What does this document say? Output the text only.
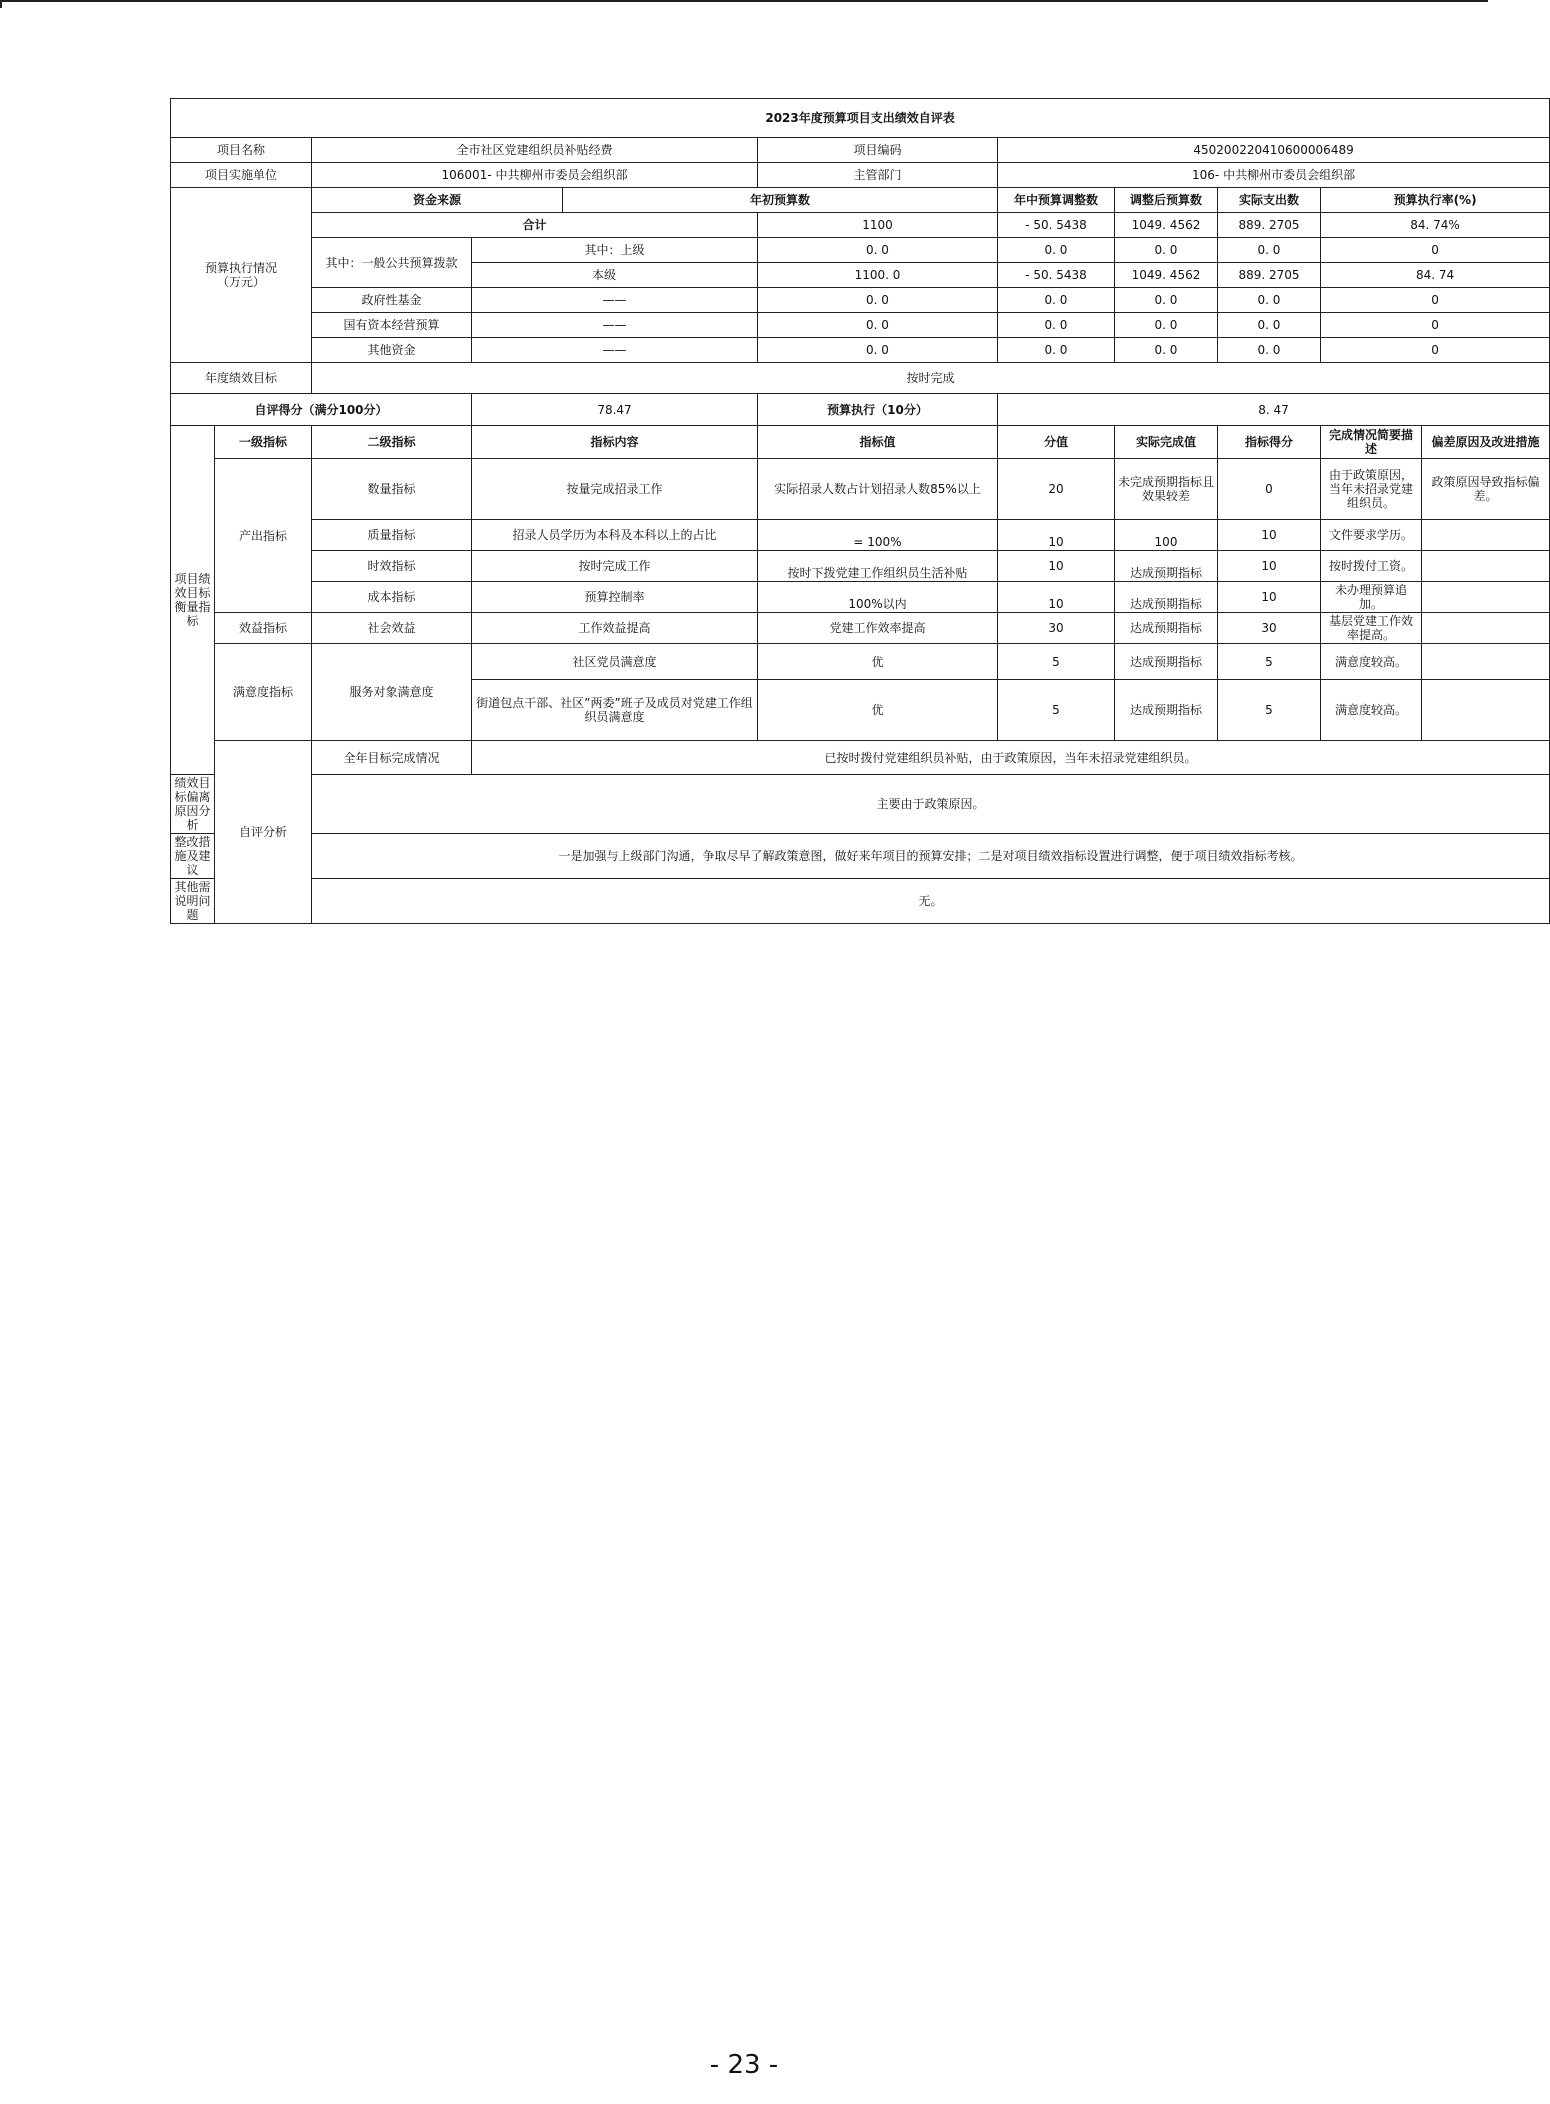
2023年度预算项目支出绩效自评表										
项目名称		全市社区党建组织员补贴经费			项目编码	450200220410600006489				
项目实施单位		106001- 中共柳州市委员会组织部			主管部门	106- 中共柳州市委员会组织部				
预算执行情况
（万元）		资金来源		年初预算数		年中预算调整数	调整后预算数	实际支出数	预算执行率(%)	
		合计			1100	- 50. 5438	1049. 4562	889. 2705	84. 74%	
		其中：一般公共预算拨款	其中：上级		0. 0	0. 0	0. 0	0. 0	0	
			本级		1100. 0	- 50. 5438	1049. 4562	889. 2705	84. 74	
		政府性基金	——		0. 0	0. 0	0. 0	0. 0	0	
		国有资本经营预算	——		0. 0	0. 0	0. 0	0. 0	0	
		其他资金	——		0. 0	0. 0	0. 0	0. 0	0	
年度绩效目标		按时完成								
自评得分（满分100分）			78.47		预算执行（10分）	8. 47				
项目绩效目标衡量指标	一级指标	二级指标	指标内容		指标值	分值	实际完成值	指标得分	完成情况简要描述	偏差原因及改进措施
	产出指标	数量指标	按量完成招录工作		实际招录人数占计划招录人数85%以上	20	未完成预期指标且效果较差	0	由于政策原因，当年未招录党建组织员。	政策原因导致指标偏差。
		质量指标	招录人员学历为本科及本科以上的占比		= 100%	10	100	10	文件要求学历。	
		时效指标	按时完成工作		按时下拨党建工作组织员生活补贴	10	达成预期指标	10	按时拨付工资。	
		成本指标	预算控制率		100%以内	10	达成预期指标	10	未办理预算追加。	
	效益指标	社会效益	工作效益提高		党建工作效率提高	30	达成预期指标	30	基层党建工作效率提高。	
	满意度指标	服务对象满意度	社区党员满意度		优	5	达成预期指标	5	满意度较高。	
			街道包点干部、社区”两委”班子及成员对党建工作组织员满意度		优	5	达成预期指标	5	满意度较高。	
	自评分析	全年目标完成情况	已按时拨付党建组织员补贴，由于政策原因，当年未招录党建组织员。							
绩效目标偏离原因分析		主要由于政策原因。								
整改措施及建议		一是加强与上级部门沟通，争取尽早了解政策意图，做好来年项目的预算安排；二是对项目绩效指标设置进行调整，便于项目绩效指标考核。								
其他需说明问题		无。								
- 23 -
